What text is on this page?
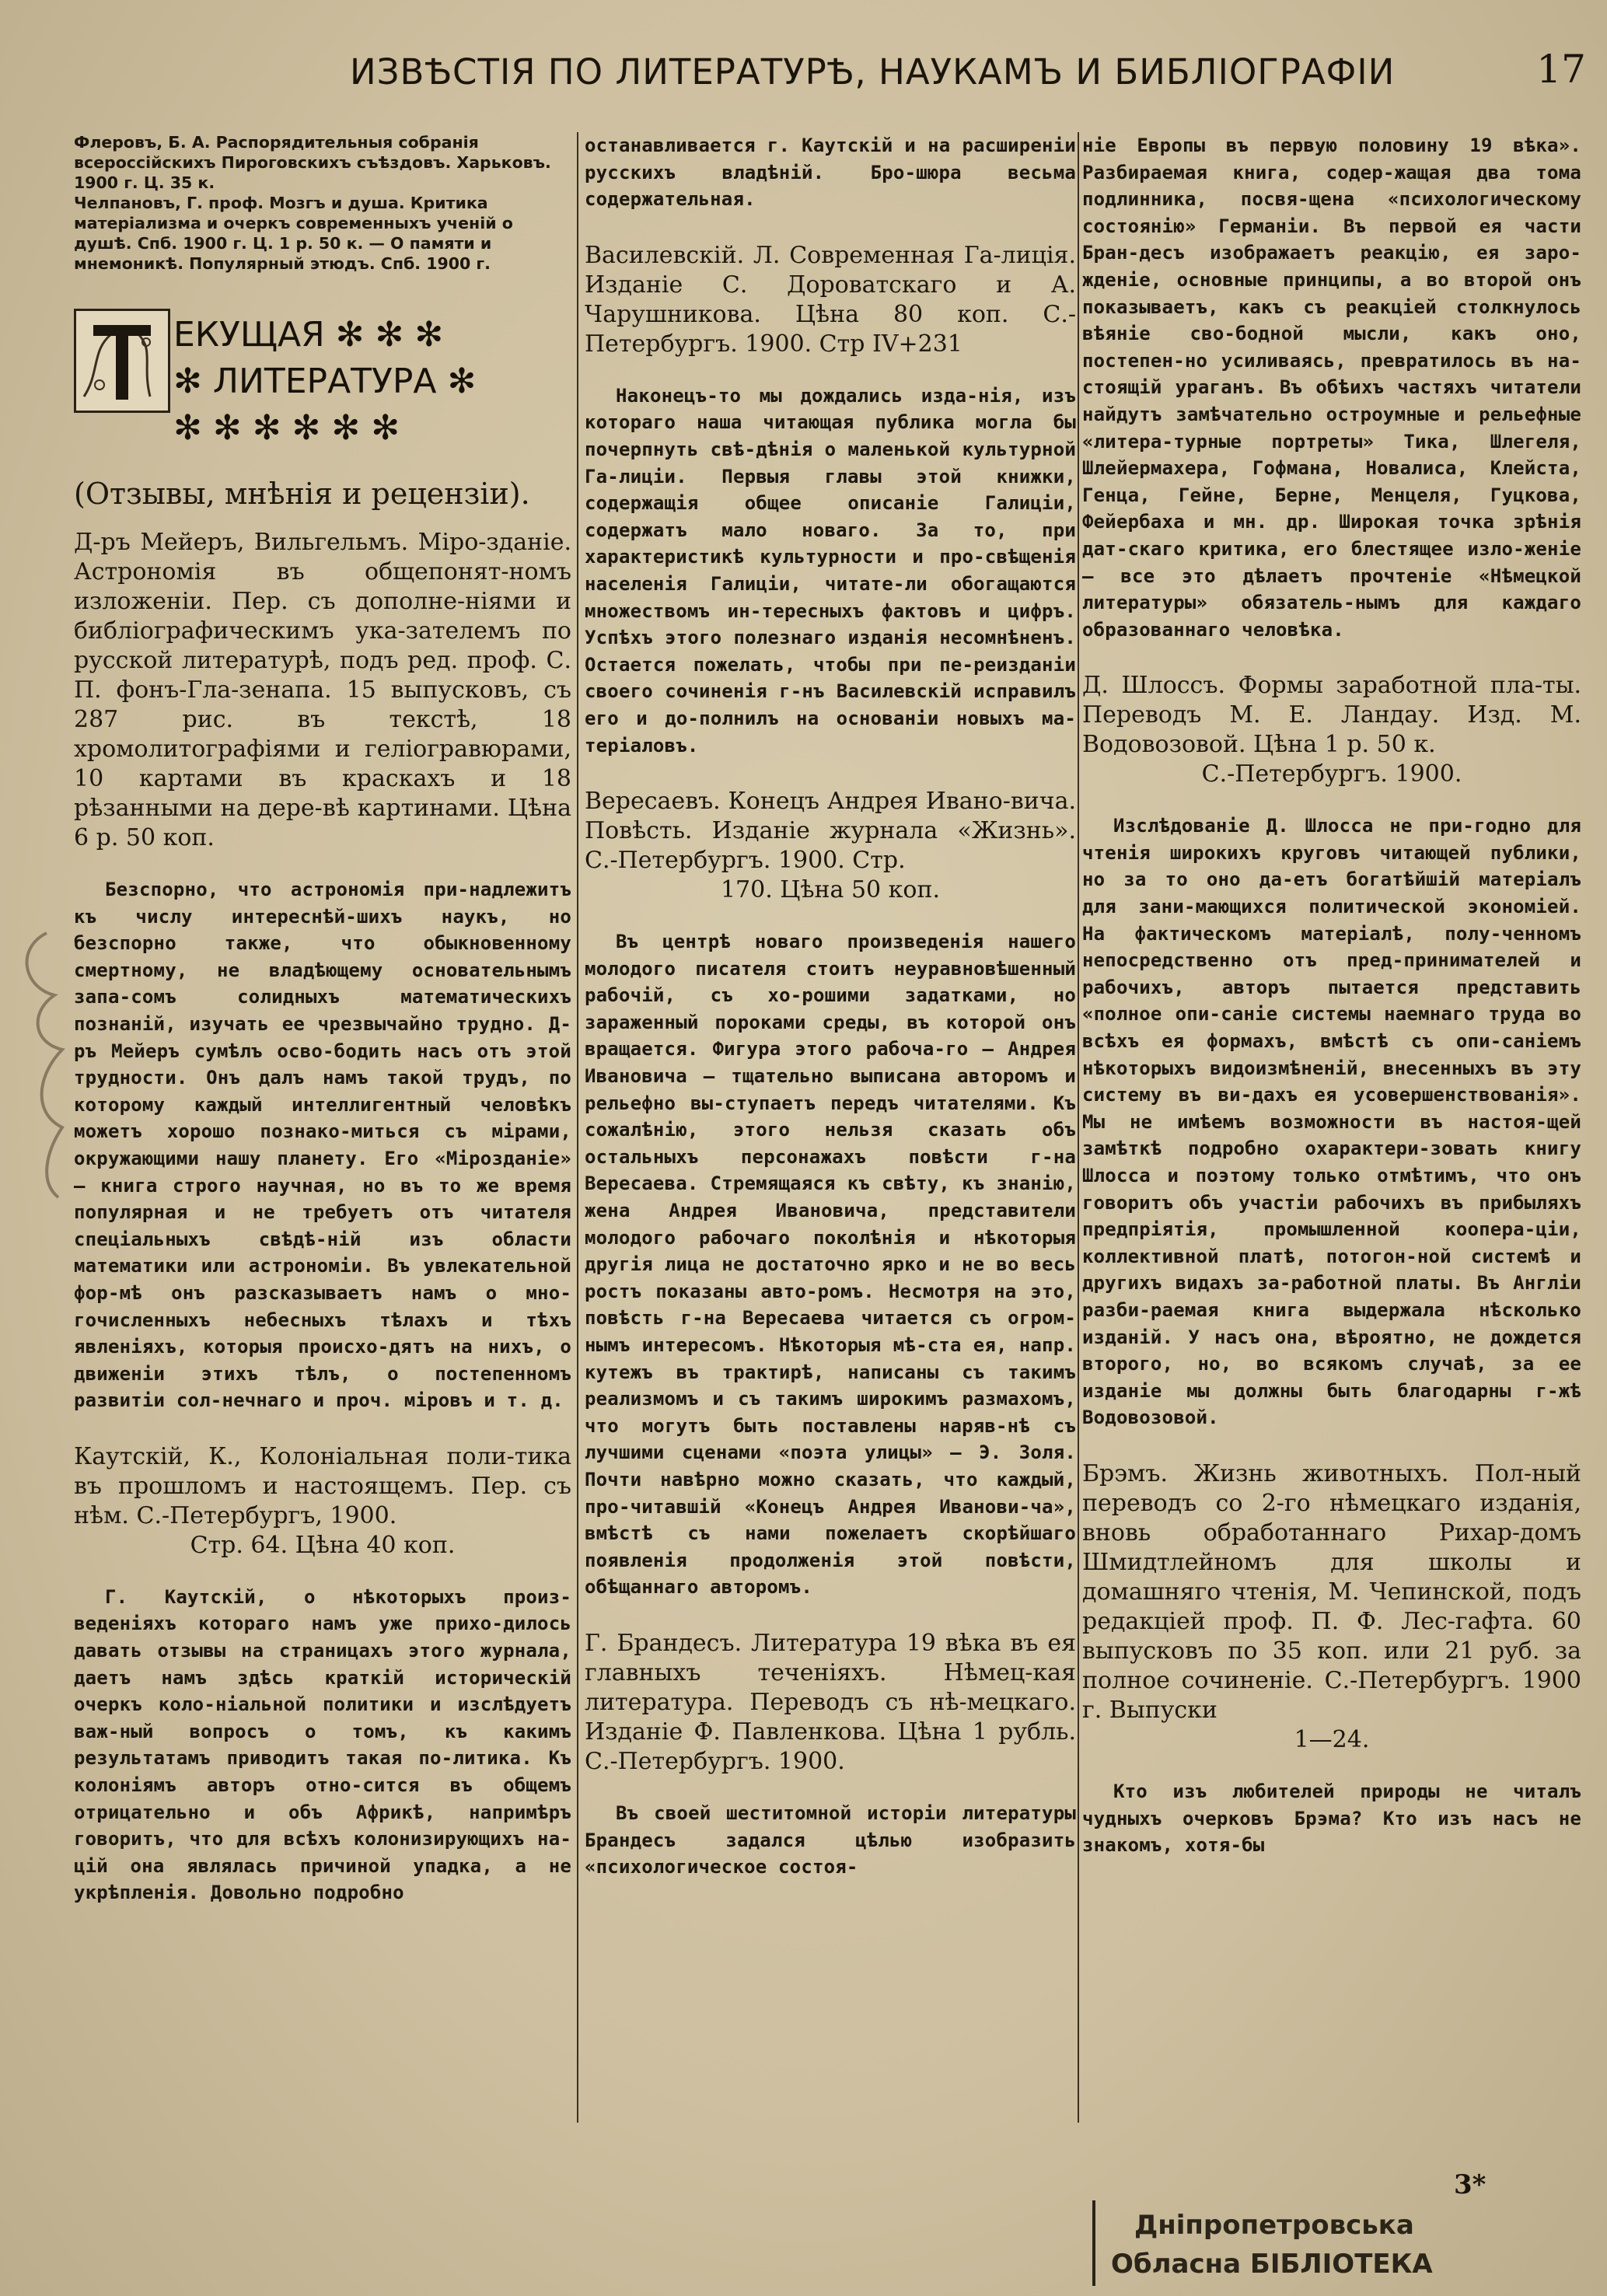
ИЗВѢСТІЯ ПО ЛИТЕРАТУРѢ, НАУКАМЪ И БИБЛІОГРАФІИ	17

Флеровъ, Б. А. Распорядительныя собранія всероссійскихъ Пироговскихъ съѣздовъ. Харьковъ. 1900 г. Ц. 35 к.

Челпановъ, Г. проф. Мозгъ и душа. Критика матеріализма и очеркъ современныхъ ученій о душѣ. Спб. 1900 г. Ц. 1 р. 50 к. — О памяти и мнемоникѣ. Популярный этюдъ. Спб. 1900 г.

ЕКУЩАЯ ✻ ✻ ✻
✻ ЛИТЕРАТУРА ✻
✻ ✻ ✻ ✻ ✻ ✻

(Отзывы, мнѣнія и рецензіи).

Д-ръ Мейеръ, Вильгельмъ. Міро-зданіе. Астрономія въ общепонят-номъ изложеніи. Пер. съ дополне-ніями и библіографическимъ ука-зателемъ по русской литературѣ, подъ ред. проф. С. П. фонъ-Гла-зенапа. 15 выпусковъ, съ 287 рис. въ текстѣ, 18 хромолитографіями и геліогравюрами, 10 картами въ краскахъ и 18 рѣзанными на дере-вѣ картинами. Цѣна 6 р. 50 коп.

Безспорно, что астрономія при-надлежитъ къ числу интереснѣй-шихъ наукъ, но безспорно также, что обыкновенному смертному, не владѣющему основательнымъ запа-сомъ солидныхъ математическихъ познаній, изучать ее чрезвычайно трудно. Д-ръ Мейеръ сумѣлъ осво-бодить насъ отъ этой трудности. Онъ далъ намъ такой трудъ, по которому каждый интеллигентный человѣкъ можетъ хорошо познако-миться съ мірами, окружающими нашу планету. Его «Мірозданіе» — книга строго научная, но въ то же время популярная и не требуетъ отъ читателя спеціальныхъ свѣдѣ-ній изъ области математики или астрономіи. Въ увлекательной фор-мѣ онъ разсказываетъ намъ о мно-гочисленныхъ небесныхъ тѣлахъ и тѣхъ явленіяхъ, которыя происхо-дятъ на нихъ, о движеніи этихъ тѣлъ, о постепенномъ развитіи сол-нечнаго и проч. міровъ и т. д.

Каутскій, К., Колоніальная поли-тика въ прошломъ и настоящемъ. Пер. съ нѣм. С.-Петербургъ, 1900.
Стр. 64. Цѣна 40 коп.

Г. Каутскій, о нѣкоторыхъ произ-веденіяхъ котораго намъ уже прихо-дилось давать отзывы на страницахъ этого журнала, даетъ намъ здѣсь краткій историческій очеркъ коло-ніальной политики и изслѣдуетъ важ-ный вопросъ о томъ, къ какимъ результатамъ приводитъ такая по-литика. Къ колоніямъ авторъ отно-сится въ общемъ отрицательно и объ Африкѣ, напримѣръ говоритъ, что для всѣхъ колонизирующихъ на-цій она являлась причиной упадка, а не укрѣпленія. Довольно подробно

останавливается г. Каутскій и на расширеніи русскихъ владѣній. Бро-шюра весьма содержательная.

Василевскій. Л. Современная Га-лиція. Изданіе С. Дороватскаго и А. Чарушникова. Цѣна 80 коп. С.-Петербургъ. 1900. Стр IV+231

Наконецъ-то мы дождались изда-нія, изъ котораго наша читающая публика могла бы почерпнуть свѣ-дѣнія о маленькой культурной Га-лиціи. Первыя главы этой книжки, содержащія общее описаніе Галиціи, содержатъ мало новаго. За то, при характеристикѣ культурности и про-свѣщенія населенія Галиціи, читате-ли обогащаются множествомъ ин-тересныхъ фактовъ и цифръ. Успѣхъ этого полезнаго изданія несомнѣненъ. Остается пожелать, чтобы при пе-реизданіи своего сочиненія г-нъ Василевскій исправилъ его и до-полнилъ на основаніи новыхъ ма-теріаловъ.

Вересаевъ. Конецъ Андрея Ивано-вича. Повѣсть. Изданіе журнала «Жизнь». С.-Петербургъ. 1900. Стр.
170. Цѣна 50 коп.

Въ центрѣ новаго произведенія нашего молодого писателя стоитъ неуравновѣшенный рабочій, съ хо-рошими задатками, но зараженный пороками среды, въ которой онъ вращается. Фигура этого рабоча-го — Андрея Ивановича — тщательно выписана авторомъ и рельефно вы-ступаетъ передъ читателями. Къ сожалѣнію, этого нельзя сказать объ остальныхъ персонажахъ повѣсти г-на Вересаева. Стремящаяся къ свѣту, къ знанію, жена Андрея Ивановича, представители молодого рабочаго поколѣнія и нѣкоторыя другія лица не достаточно ярко и не во весь ростъ показаны авто-ромъ. Несмотря на это, повѣсть г-на Вересаева читается съ огром-нымъ интересомъ. Нѣкоторыя мѣ-ста ея, напр. кутежъ въ трактирѣ, написаны съ такимъ реализмомъ и съ такимъ широкимъ размахомъ, что могутъ быть поставлены наряв-нѣ съ лучшими сценами «поэта улицы» — Э. Золя. Почти навѣрно можно сказать, что каждый, про-читавшій «Конецъ Андрея Иванови-ча», вмѣстѣ съ нами пожелаетъ скорѣйшаго появленія продолженія этой повѣсти, обѣщаннаго авторомъ.

Г. Брандесъ. Литература 19 вѣка въ ея главныхъ теченіяхъ. Нѣмец-кая литература. Переводъ съ нѣ-мецкаго. Изданіе Ф. Павленкова. Цѣна 1 рубль. С.-Петербургъ. 1900.

Въ своей шеститомной исторіи литературы Брандесъ задался цѣлью изобразить «психологическое состоя-

ніе Европы въ первую половину 19 вѣка». Разбираемая книга, содер-жащая два тома подлинника, посвя-щена «психологическому состоянію» Германіи. Въ первой ея части Бран-десъ изображаетъ реакцію, ея заро-жденіе, основные принципы, а во второй онъ показываетъ, какъ съ реакціей столкнулось вѣяніе сво-бодной мысли, какъ оно, постепен-но усиливаясь, превратилось въ на-стоящій ураганъ. Въ обѣихъ частяхъ читатели найдутъ замѣчательно остроумные и рельефные «литера-турные портреты» Тика, Шлегеля, Шлейермахера, Гофмана, Новалиса, Клейста, Генца, Гейне, Берне, Менцеля, Гуцкова, Фейербаха и мн. др. Широкая точка зрѣнія дат-скаго критика, его блестящее изло-женіе — все это дѣлаетъ прочтеніе «Нѣмецкой литературы» обязатель-нымъ для каждаго образованнаго человѣка.

Д. Шлоссъ. Формы заработной пла-ты. Переводъ М. Е. Ландау. Изд. М. Водовозовой. Цѣна 1 р. 50 к.
С.-Петербургъ. 1900.

Изслѣдованіе Д. Шлосса не при-годно для чтенія широкихъ круговъ читающей публики, но за то оно да-етъ богатѣйшій матеріалъ для зани-мающихся политической экономіей. На фактическомъ матеріалѣ, полу-ченномъ непосредственно отъ пред-принимателей и рабочихъ, авторъ пытается представить «полное опи-саніе системы наемнаго труда во всѣхъ ея формахъ, вмѣстѣ съ опи-саніемъ нѣкоторыхъ видоизмѣненій, внесенныхъ въ эту систему въ ви-дахъ ея усовершенствованія». Мы не имѣемъ возможности въ настоя-щей замѣткѣ подробно охарактери-зовать книгу Шлосса и поэтому только отмѣтимъ, что онъ говоритъ объ участіи рабочихъ въ прибыляхъ предпріятія, промышленной коопера-ціи, коллективной платѣ, потогон-ной системѣ и другихъ видахъ за-работной платы. Въ Англіи разби-раемая книга выдержала нѣсколько изданій. У насъ она, вѣроятно, не дождется второго, но, во всякомъ случаѣ, за ее изданіе мы должны быть благодарны г-жѣ Водовозовой.

Брэмъ. Жизнь животныхъ. Пол-ный переводъ со 2-го нѣмецкаго изданія, вновь обработаннаго Рихар-домъ Шмидтлейномъ для школы и домашняго чтенія, М. Чепинской, подъ редакціей проф. П. Ф. Лес-гафта. 60 выпусковъ по 35 коп. или 21 руб. за полное сочиненіе. С.-Петербургъ. 1900 г. Выпуски
1—24.

Кто изъ любителей природы не читалъ чудныхъ очерковъ Брэма? Кто изъ насъ не знакомъ, хотя-бы

3*
Дніпропетровська
Обласна БІБЛІОТЕКА
